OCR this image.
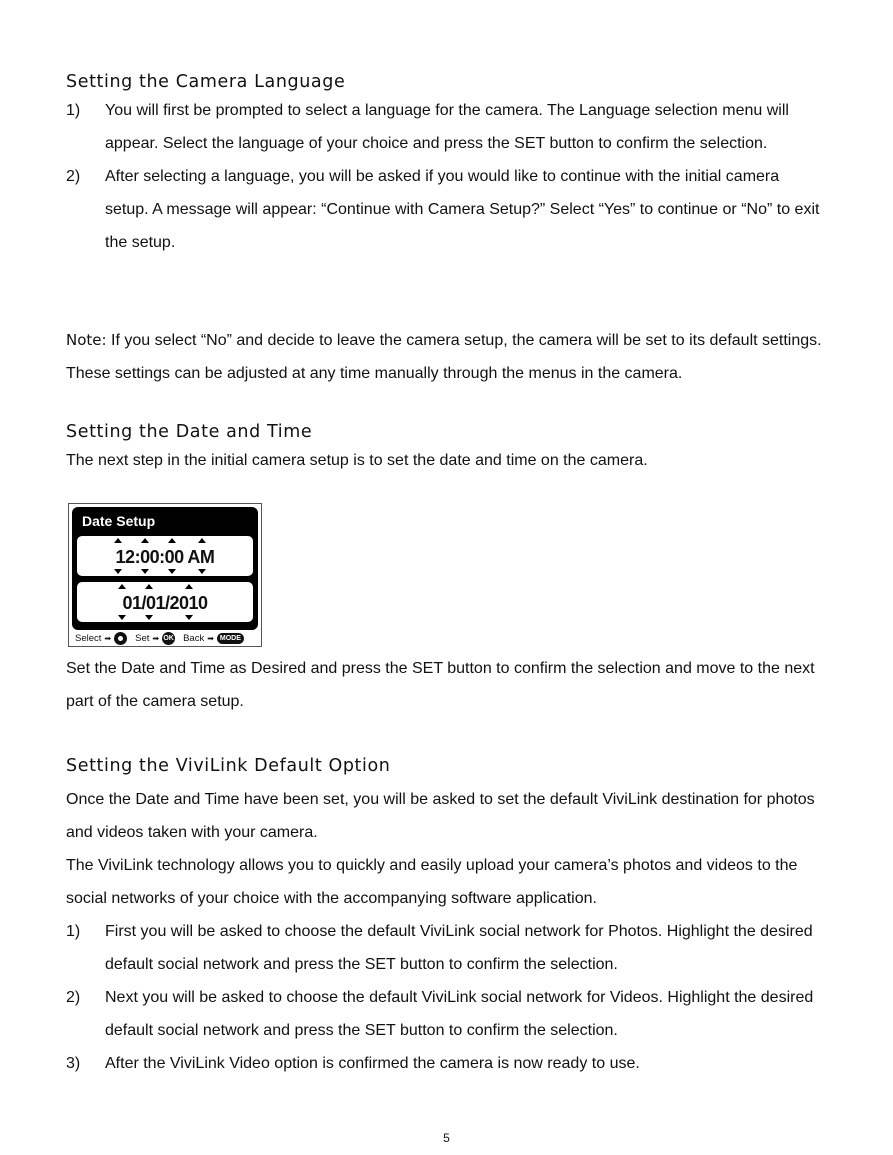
Setting the Camera Language
1) You will first be prompted to select a language for the camera. The Language selection menu will appear. Select the language of your choice and press the SET button to confirm the selection.
2) After selecting a language, you will be asked if you would like to continue with the initial camera setup. A message will appear: “Continue with Camera Setup?” Select “Yes” to continue or “No” to exit the setup.

Note: If you select “No” and decide to leave the camera setup, the camera will be set to its default settings. These settings can be adjusted at any time manually through the menus in the camera.

Setting the Date and Time

The next step in the initial camera setup is to set the date and time on the camera.

Date Setup
12:00:00 AM
01/01/2010
Select ➡	Set ➡ OK Back ➡ MODE

Set the Date and Time as Desired and press the SET button to confirm the selection and move to the next part of the camera setup.

Setting the ViviLink Default Option

Once the Date and Time have been set, you will be asked to set the default ViviLink destination for photos and videos taken with your camera.

The ViviLink technology allows you to quickly and easily upload your camera’s photos and videos to the social networks of your choice with the accompanying software application.

1) First you will be asked to choose the default ViviLink social network for Photos. Highlight the desired default social network and press the SET button to confirm the selection.
2) Next you will be asked to choose the default ViviLink social network for Videos. Highlight the desired default social network and press the SET button to confirm the selection.
3) After the ViviLink Video option is confirmed the camera is now ready to use.
5
